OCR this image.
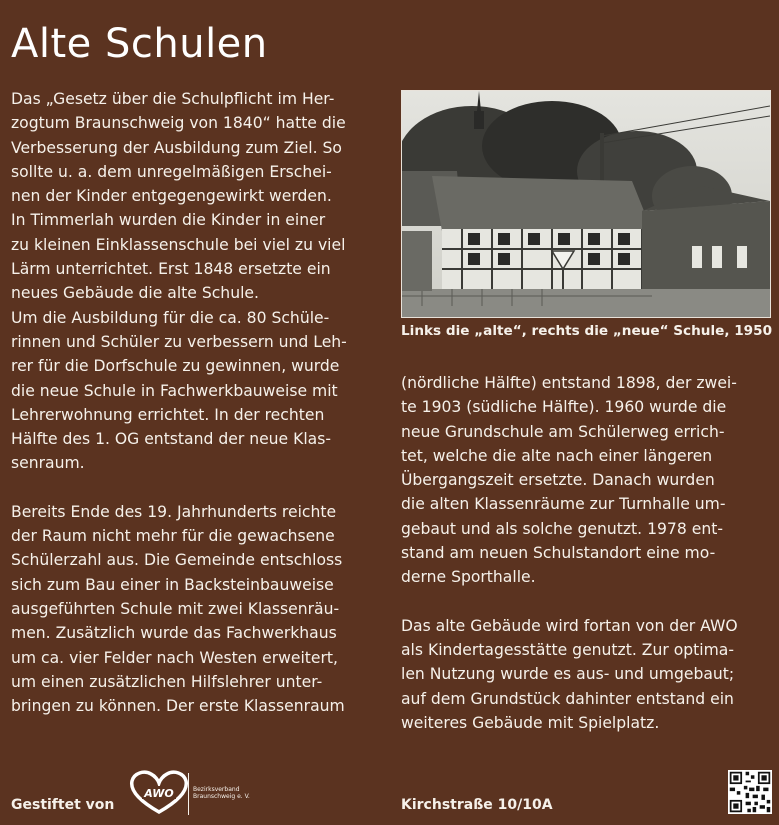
Alte Schulen

Das „Gesetz über die Schulpflicht im Her-
zogtum Braunschweig von 1840“ hatte die
Verbesserung der Ausbildung zum Ziel. So
sollte u. a. dem unregelmäßigen Erschei-
nen der Kinder entgegengewirkt werden.
In Timmerlah wurden die Kinder in einer
zu kleinen Einklassenschule bei viel zu viel
Lärm unterrichtet. Erst 1848 ersetzte ein
neues Gebäude die alte Schule.

Um die Ausbildung für die ca. 80 Schüle-
rinnen und Schüler zu verbessern und Leh-
rer für die Dorfschule zu gewinnen, wurde
die neue Schule in Fachwerkbauweise mit
Lehrerwohnung errichtet. In der rechten
Hälfte des 1. OG entstand der neue Klas-
senraum.

Bereits Ende des 19. Jahrhunderts reichte
der Raum nicht mehr für die gewachsene
Schülerzahl aus. Die Gemeinde entschloss
sich zum Bau einer in Backsteinbauweise
ausgeführten Schule mit zwei Klassenräu-
men. Zusätzlich wurde das Fachwerkhaus
um ca. vier Felder nach Westen erweitert,
um einen zusätzlichen Hilfslehrer unter-
bringen zu können. Der erste Klassenraum

Links die „alte“, rechts die „neue“ Schule, 1950

(nördliche Hälfte) entstand 1898, der zwei-
te 1903 (südliche Hälfte). 1960 wurde die
neue Grundschule am Schülerweg errich-
tet, welche die alte nach einer längeren
Übergangszeit ersetzte. Danach wurden
die alten Klassenräume zur Turnhalle um-
gebaut und als solche genutzt. 1978 ent-
stand am neuen Schulstandort eine mo-
derne Sporthalle.

Das alte Gebäude wird fortan von der AWO
als Kindertagesstätte genutzt. Zur optima-
len Nutzung wurde es aus- und umgebaut;
auf dem Grundstück dahinter entstand ein
weiteres Gebäude mit Spielplatz.

Gestiftet von
AWO	Bezirksverband
Braunschweig e. V.
Kirchstraße 10/10A
